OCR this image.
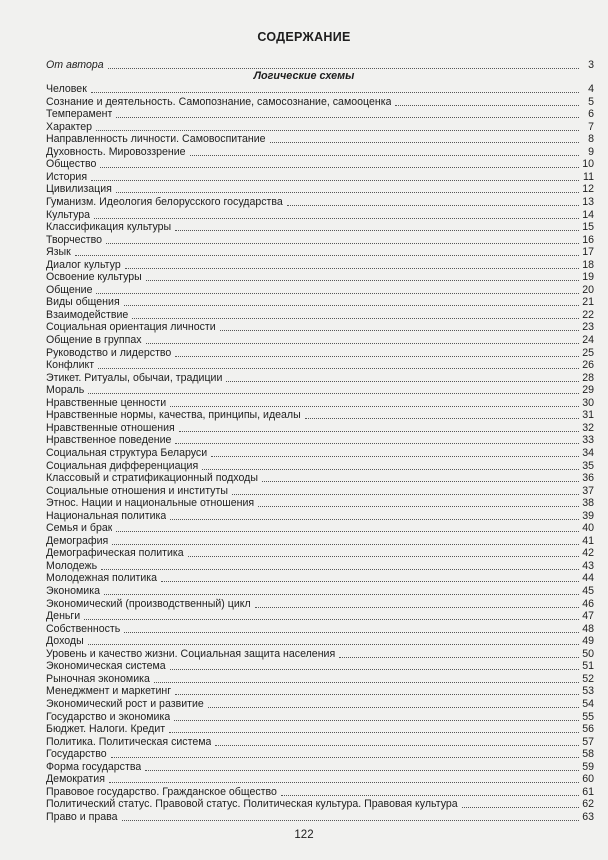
СОДЕРЖАНИЕ
От автора	3
Логические схемы
Человек	4
Сознание и деятельность. Самопознание, самосознание, самооценка	5
Темперамент	6
Характер	7
Направленность личности. Самовоспитание	8
Духовность. Мировоззрение	9
Общество	10
История	11
Цивилизация	12
Гуманизм. Идеология белорусского государства	13
Культура	14
Классификация культуры	15
Творчество	16
Язык	17
Диалог культур	18
Освоение культуры	19
Общение	20
Виды общения	21
Взаимодействие	22
Социальная ориентация личности	23
Общение в группах	24
Руководство и лидерство	25
Конфликт	26
Этикет. Ритуалы, обычаи, традиции	28
Мораль	29
Нравственные ценности	30
Нравственные нормы, качества, принципы, идеалы	31
Нравственные отношения	32
Нравственное поведение	33
Социальная структура Беларуси	34
Социальная дифференциация	35
Классовый и стратификационный подходы	36
Социальные отношения и институты	37
Этнос. Нации и национальные отношения	38
Национальная политика	39
Семья и брак	40
Демография	41
Демографическая политика	42
Молодежь	43
Молодежная политика	44
Экономика	45
Экономический (производственный) цикл	46
Деньги	47
Собственность	48
Доходы	49
Уровень и качество жизни. Социальная защита населения	50
Экономическая система	51
Рыночная экономика	52
Менеджмент и маркетинг	53
Экономический рост и развитие	54
Государство и экономика	55
Бюджет. Налоги. Кредит	56
Политика. Политическая система	57
Государство	58
Форма государства	59
Демократия	60
Правовое государство. Гражданское общество	61
Политический статус. Правовой статус. Политическая культура. Правовая культура	62
Право и права	63
122
